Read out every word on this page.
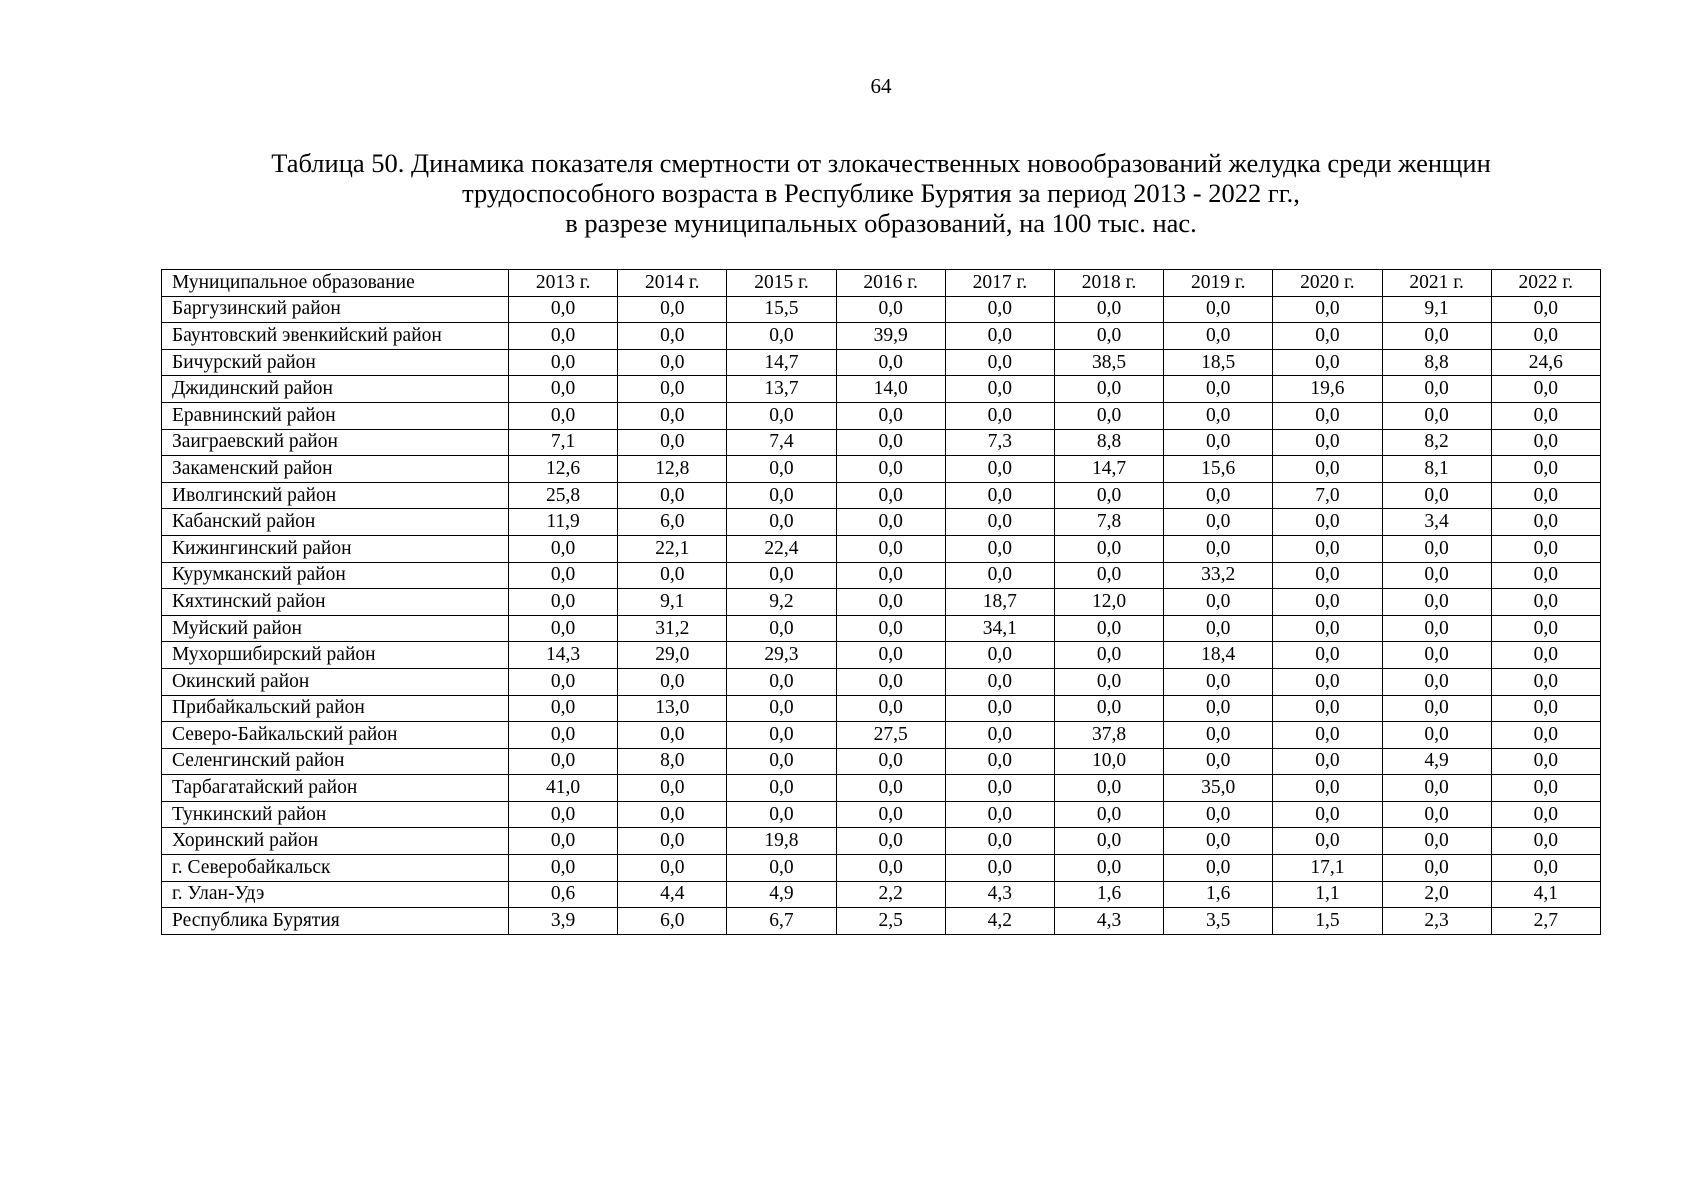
64
Таблица 50. Динамика показателя смертности от злокачественных новообразований желудка среди женщин
трудоспособного возраста в Республике Бурятия за период 2013 - 2022 гг.,
в разрезе муниципальных образований, на 100 тыс. нас.
Муниципальное образование	2013 г.	2014 г.	2015 г.	2016 г.	2017 г.	2018 г.	2019 г.	2020 г.	2021 г.	2022 г.
Баргузинский район	0,0	0,0	15,5	0,0	0,0	0,0	0,0	0,0	9,1	0,0
Баунтовский эвенкийский район	0,0	0,0	0,0	39,9	0,0	0,0	0,0	0,0	0,0	0,0
Бичурский район	0,0	0,0	14,7	0,0	0,0	38,5	18,5	0,0	8,8	24,6
Джидинский район	0,0	0,0	13,7	14,0	0,0	0,0	0,0	19,6	0,0	0,0
Еравнинский район	0,0	0,0	0,0	0,0	0,0	0,0	0,0	0,0	0,0	0,0
Заиграевский район	7,1	0,0	7,4	0,0	7,3	8,8	0,0	0,0	8,2	0,0
Закаменский район	12,6	12,8	0,0	0,0	0,0	14,7	15,6	0,0	8,1	0,0
Иволгинский район	25,8	0,0	0,0	0,0	0,0	0,0	0,0	7,0	0,0	0,0
Кабанский район	11,9	6,0	0,0	0,0	0,0	7,8	0,0	0,0	3,4	0,0
Кижингинский район	0,0	22,1	22,4	0,0	0,0	0,0	0,0	0,0	0,0	0,0
Курумканский район	0,0	0,0	0,0	0,0	0,0	0,0	33,2	0,0	0,0	0,0
Кяхтинский район	0,0	9,1	9,2	0,0	18,7	12,0	0,0	0,0	0,0	0,0
Муйский район	0,0	31,2	0,0	0,0	34,1	0,0	0,0	0,0	0,0	0,0
Мухоршибирский район	14,3	29,0	29,3	0,0	0,0	0,0	18,4	0,0	0,0	0,0
Окинский район	0,0	0,0	0,0	0,0	0,0	0,0	0,0	0,0	0,0	0,0
Прибайкальский район	0,0	13,0	0,0	0,0	0,0	0,0	0,0	0,0	0,0	0,0
Северо-Байкальский район	0,0	0,0	0,0	27,5	0,0	37,8	0,0	0,0	0,0	0,0
Селенгинский район	0,0	8,0	0,0	0,0	0,0	10,0	0,0	0,0	4,9	0,0
Тарбагатайский район	41,0	0,0	0,0	0,0	0,0	0,0	35,0	0,0	0,0	0,0
Тункинский район	0,0	0,0	0,0	0,0	0,0	0,0	0,0	0,0	0,0	0,0
Хоринский район	0,0	0,0	19,8	0,0	0,0	0,0	0,0	0,0	0,0	0,0
г. Северобайкальск	0,0	0,0	0,0	0,0	0,0	0,0	0,0	17,1	0,0	0,0
г. Улан-Удэ	0,6	4,4	4,9	2,2	4,3	1,6	1,6	1,1	2,0	4,1
Республика Бурятия	3,9	6,0	6,7	2,5	4,2	4,3	3,5	1,5	2,3	2,7
